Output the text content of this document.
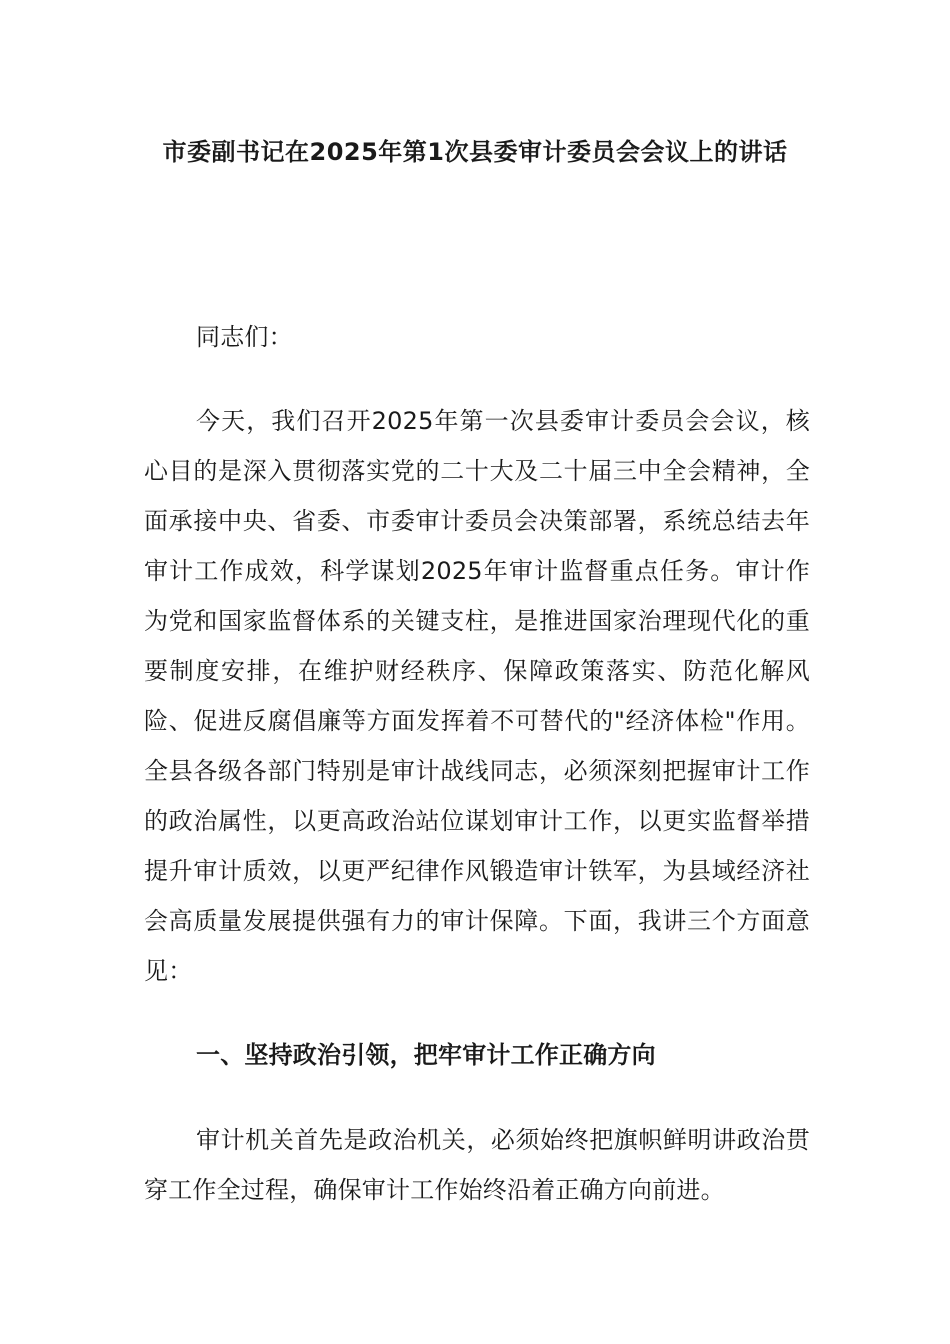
市委副书记在2025年第1次县委审计委员会会议上的讲话

同志们：

今天，我们召开2025年第一次县委审计委员会会议，核心目的是深入贯彻落实党的二十大及二十届三中全会精神，全面承接中央、省委、市委审计委员会决策部署，系统总结去年审计工作成效，科学谋划2025年审计监督重点任务。审计作为党和国家监督体系的关键支柱，是推进国家治理现代化的重要制度安排，在维护财经秩序、保障政策落实、防范化解风险、促进反腐倡廉等方面发挥着不可替代的"经济体检"作用。全县各级各部门特别是审计战线同志，必须深刻把握审计工作的政治属性，以更高政治站位谋划审计工作，以更实监督举措提升审计质效，以更严纪律作风锻造审计铁军，为县域经济社会高质量发展提供强有力的审计保障。下面，我讲三个方面意见：

一、坚持政治引领，把牢审计工作正确方向

审计机关首先是政治机关，必须始终把旗帜鲜明讲政治贯穿工作全过程，确保审计工作始终沿着正确方向前进。
